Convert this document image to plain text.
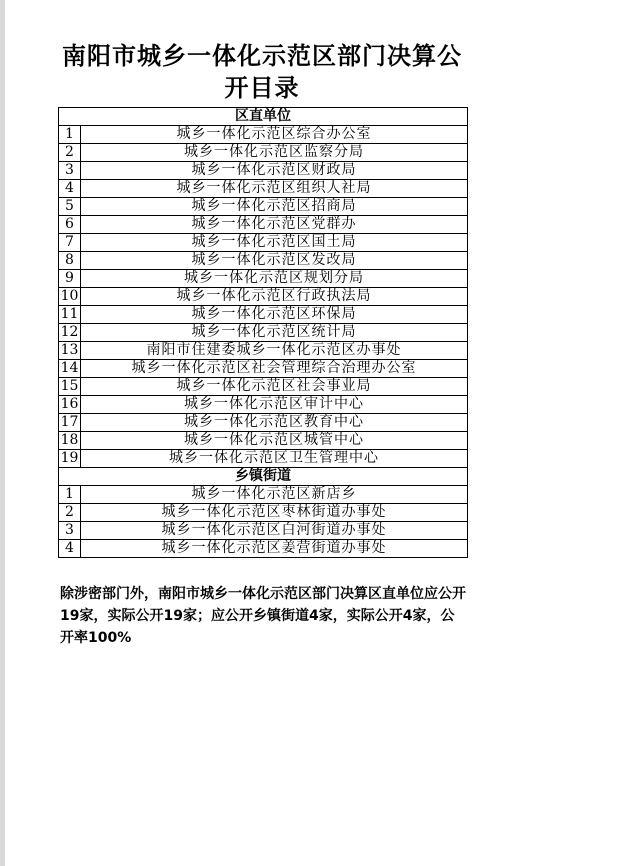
南阳市城乡一体化示范区部门决算公开目录
区直单位	
1	城乡一体化示范区综合办公室
2	城乡一体化示范区监察分局
3	城乡一体化示范区财政局
4	城乡一体化示范区组织人社局
5	城乡一体化示范区招商局
6	城乡一体化示范区党群办
7	城乡一体化示范区国土局
8	城乡一体化示范区发改局
9	城乡一体化示范区规划分局
10	城乡一体化示范区行政执法局
11	城乡一体化示范区环保局
12	城乡一体化示范区统计局
13	南阳市住建委城乡一体化示范区办事处
14	城乡一体化示范区社会管理综合治理办公室
15	城乡一体化示范区社会事业局
16	城乡一体化示范区审计中心
17	城乡一体化示范区教育中心
18	城乡一体化示范区城管中心
19	城乡一体化示范区卫生管理中心
乡镇街道	
1	城乡一体化示范区新店乡
2	城乡一体化示范区枣林街道办事处
3	城乡一体化示范区白河街道办事处
4	城乡一体化示范区姜营街道办事处
除涉密部门外，南阳市城乡一体化示范区部门决算区直单位应公开19家，实际公开19家；应公开乡镇街道4家，实际公开4家，公开率100%
